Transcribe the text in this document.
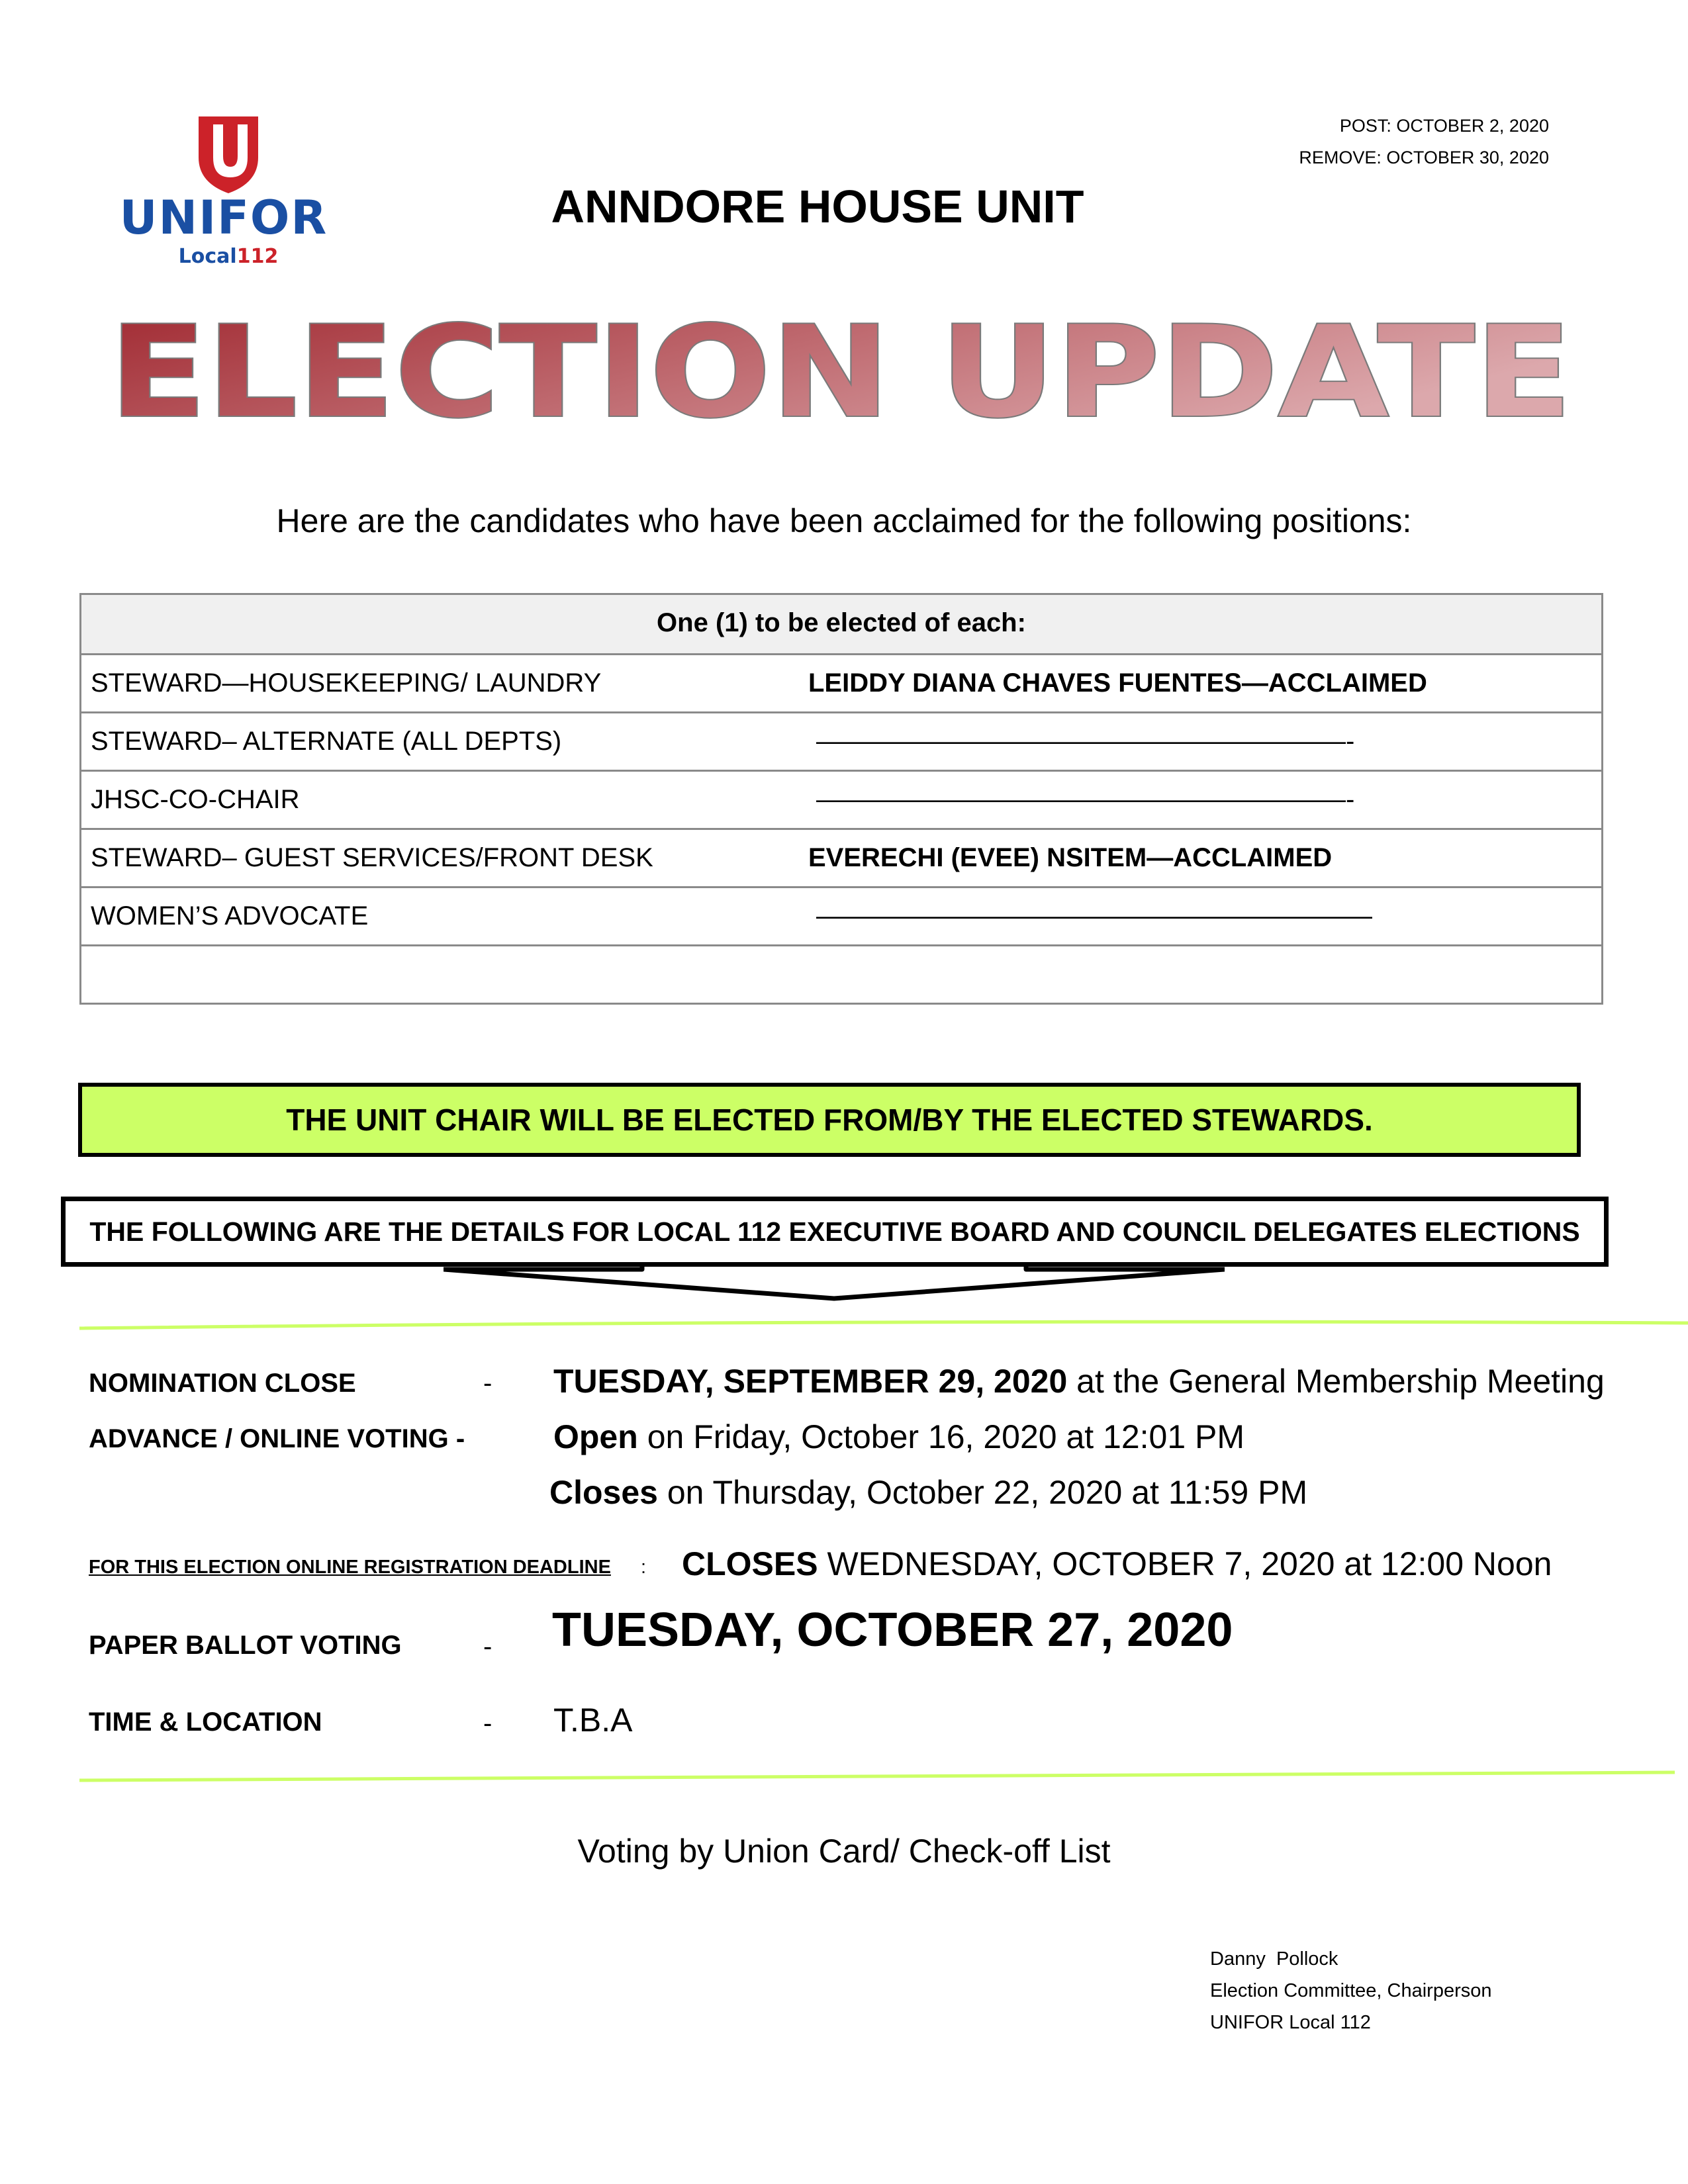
UNIFOR
Local112
POST: OCTOBER 2, 2020
REMOVE: OCTOBER 30, 2020
ANNDORE HOUSE UNIT
ELECTION UPDATE
Here are the candidates who have been acclaimed for the following positions:
One (1) to be elected of each:
STEWARD—HOUSEKEEPING/ LAUNDRY	LEIDDY DIANA CHAVES FUENTES—ACCLAIMED
STEWARD– ALTERNATE (ALL DEPTS)	————————————————————-
JHSC-CO-CHAIR	————————————————————-
STEWARD– GUEST SERVICES/FRONT DESK	EVERECHI (EVEE) NSITEM—ACCLAIMED
WOMEN’S ADVOCATE	—————————————————————
THE UNIT CHAIR WILL BE ELECTED FROM/BY THE ELECTED STEWARDS.
THE FOLLOWING ARE THE DETAILS FOR LOCAL 112 EXECUTIVE BOARD AND COUNCIL DELEGATES ELECTIONS
NOMINATION CLOSE	- TUESDAY, SEPTEMBER 29, 2020 at the General Membership Meeting
ADVANCE / ONLINE VOTING -	Open on Friday, October 16, 2020 at 12:01 PM
Closes on Thursday, October 22, 2020 at 11:59 PM
FOR THIS ELECTION ONLINE REGISTRATION DEADLINE : CLOSES WEDNESDAY, OCTOBER 7, 2020 at 12:00 Noon
PAPER BALLOT VOTING	- TUESDAY, OCTOBER 27, 2020
TIME & LOCATION	- T.B.A
Voting by Union Card/ Check-off List
Danny  Pollock
Election Committee, Chairperson
UNIFOR Local 112
